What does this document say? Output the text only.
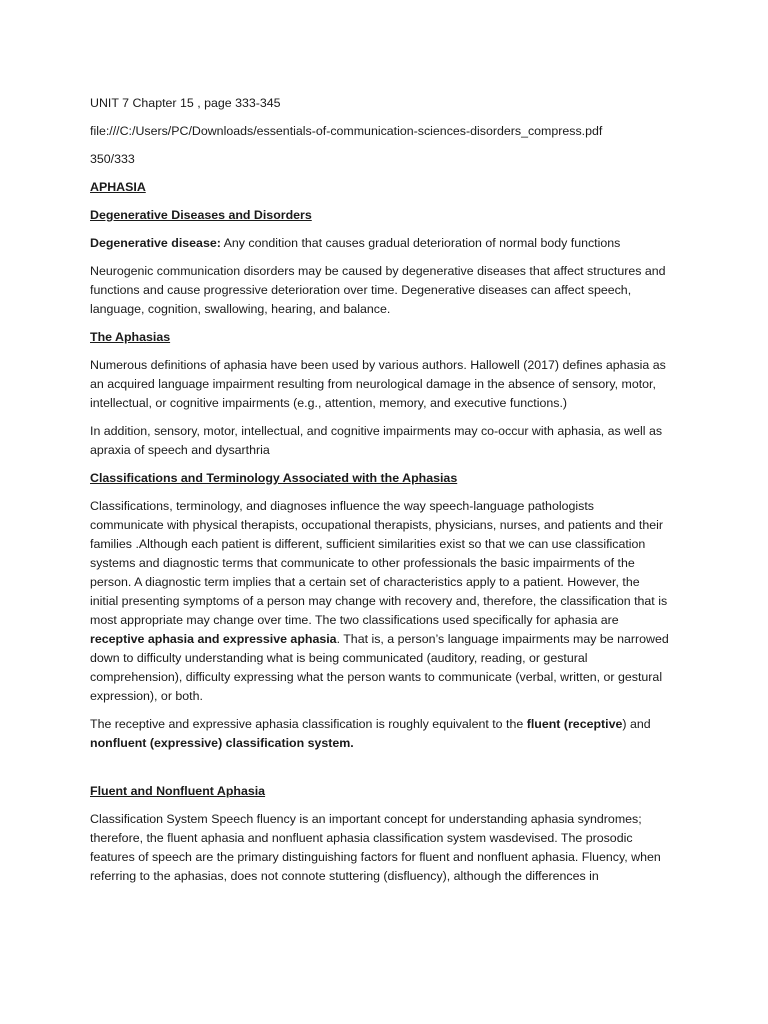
UNIT 7 Chapter 15 , page 333-345

file:///C:/Users/PC/Downloads/essentials-of-communication-sciences-disorders_compress.pdf

350/333

APHASIA

Degenerative Diseases and Disorders

Degenerative disease: Any condition that causes gradual deterioration of normal body functions

Neurogenic communication disorders may be caused by degenerative diseases that affect structures and functions and cause progressive deterioration over time. Degenerative diseases can affect speech, language, cognition, swallowing, hearing, and balance.

The Aphasias

Numerous definitions of aphasia have been used by various authors. Hallowell (2017) defines aphasia as an acquired language impairment resulting from neurological damage in the absence of sensory, motor, intellectual, or cognitive impairments (e.g., attention, memory, and executive functions.)

In addition, sensory, motor, intellectual, and cognitive impairments may co-occur with aphasia, as well as apraxia of speech and dysarthria

Classifications and Terminology Associated with the Aphasias

Classifications, terminology, and diagnoses influence the way speech-language pathologists communicate with physical therapists, occupational therapists, physicians, nurses, and patients and their families .Although each patient is different, sufficient similarities exist so that we can use classification systems and diagnostic terms that communicate to other professionals the basic impairments of the person. A diagnostic term implies that a certain set of characteristics apply to a patient. However, the initial presenting symptoms of a person may change with recovery and, therefore, the classification that is most appropriate may change over time. The two classifications used specifically for aphasia are receptive aphasia and expressive aphasia. That is, a person’s language impairments may be narrowed down to difficulty understanding what is being communicated (auditory, reading, or gestural comprehension), difficulty expressing what the person wants to communicate (verbal, written, or gestural expression), or both.

The receptive and expressive aphasia classification is roughly equivalent to the fluent (receptive) and nonfluent (expressive) classification system.

Fluent and Nonfluent Aphasia

Classification System Speech fluency is an important concept for understanding aphasia syndromes; therefore, the fluent aphasia and nonfluent aphasia classification system wasdevised. The prosodic features of speech are the primary distinguishing factors for fluent and nonfluent aphasia. Fluency, when referring to the aphasias, does not connote stuttering (disfluency), although the differences in
